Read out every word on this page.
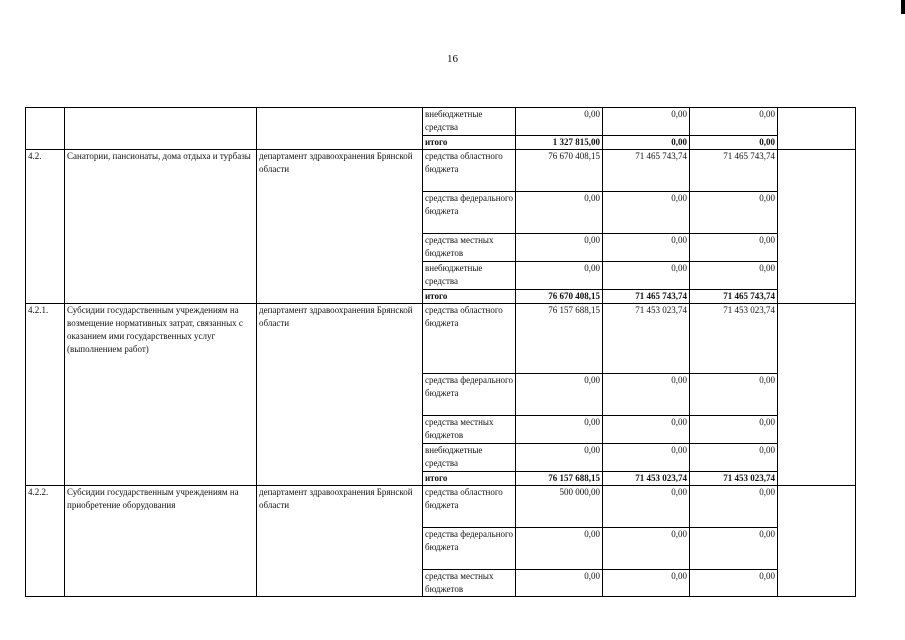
16
			внебюджетные средства	0,00	0,00	0,00	
			итого	1 327 815,00	0,00	0,00	
4.2.	Санатории, пансионаты, дома отдыха и турбазы	департамент здравоохранения Брянской области	средства областного бюджета	76 670 408,15	71 465 743,74	71 465 743,74	
			средства федерального бюджета	0,00	0,00	0,00	
			средства местных бюджетов	0,00	0,00	0,00	
			внебюджетные средства	0,00	0,00	0,00	
			итого	76 670 408,15	71 465 743,74	71 465 743,74	
4.2.1.	Субсидии государственным учреждениям на возмещение нормативных затрат, связанных с оказанием ими государственных услуг (выполнением работ)	департамент здравоохранения Брянской области	средства областного бюджета	76 157 688,15	71 453 023,74	71 453 023,74	
			средства федерального бюджета	0,00	0,00	0,00	
			средства местных бюджетов	0,00	0,00	0,00	
			внебюджетные средства	0,00	0,00	0,00	
			итого	76 157 688,15	71 453 023,74	71 453 023,74	
4.2.2.	Субсидии государственным учреждениям на приобретение оборудования	департамент здравоохранения Брянской области	средства областного бюджета	500 000,00	0,00	0,00	
			средства федерального бюджета	0,00	0,00	0,00	
			средства местных бюджетов	0,00	0,00	0,00	
